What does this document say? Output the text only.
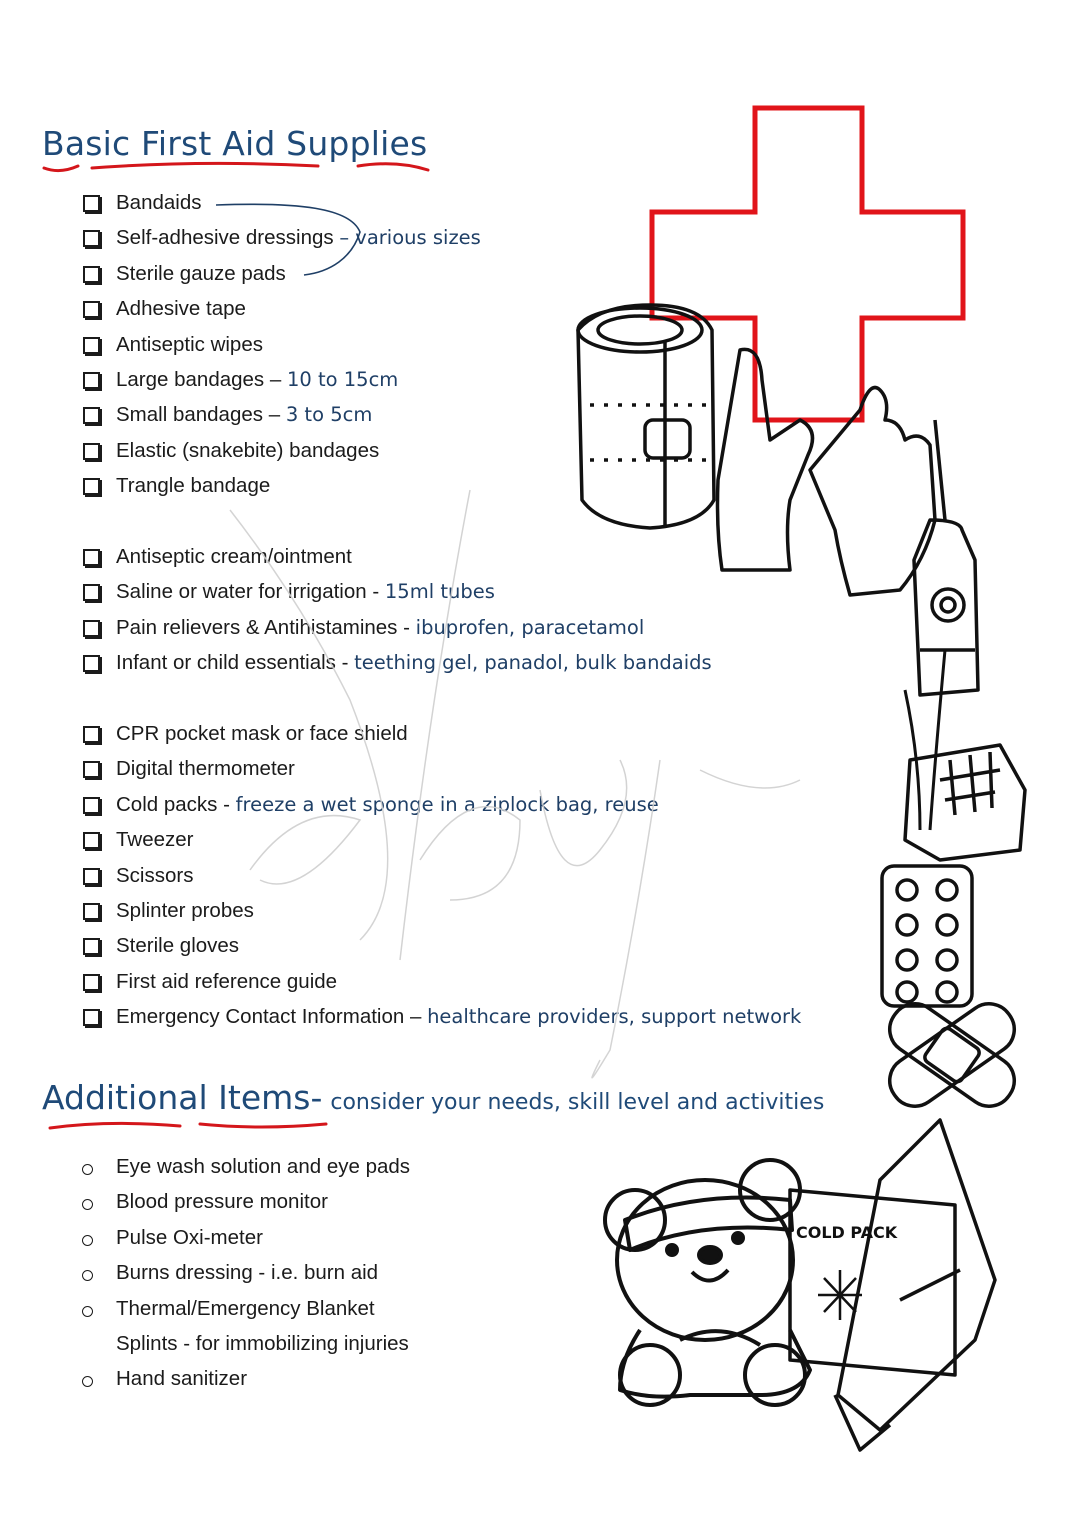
Basic First Aid Supplies
Bandaids
Self-adhesive dressings – various sizes
Sterile gauze pads
Adhesive tape
Antiseptic wipes
Large bandages – 10 to 15cm
Small bandages – 3 to 5cm
Elastic (snakebite) bandages
Trangle bandage
Antiseptic cream/ointment
Saline or water for irrigation - 15ml tubes
Pain relievers & Antihistamines - ibuprofen, paracetamol
Infant or child essentials - teething gel, panadol, bulk bandaids
CPR pocket mask or face shield
Digital thermometer
Cold packs - freeze a wet sponge in a ziplock bag, reuse
Tweezer
Scissors
Splinter probes
Sterile gloves
First aid reference guide
Emergency Contact Information – healthcare providers, support network
Additional Items- consider your needs, skill level and activities
Eye wash solution and eye pads
Blood pressure monitor
Pulse Oxi-meter
Burns dressing - i.e. burn aid
Thermal/Emergency Blanket
Splints - for immobilizing injuries
Hand sanitizer
COLD PACK
